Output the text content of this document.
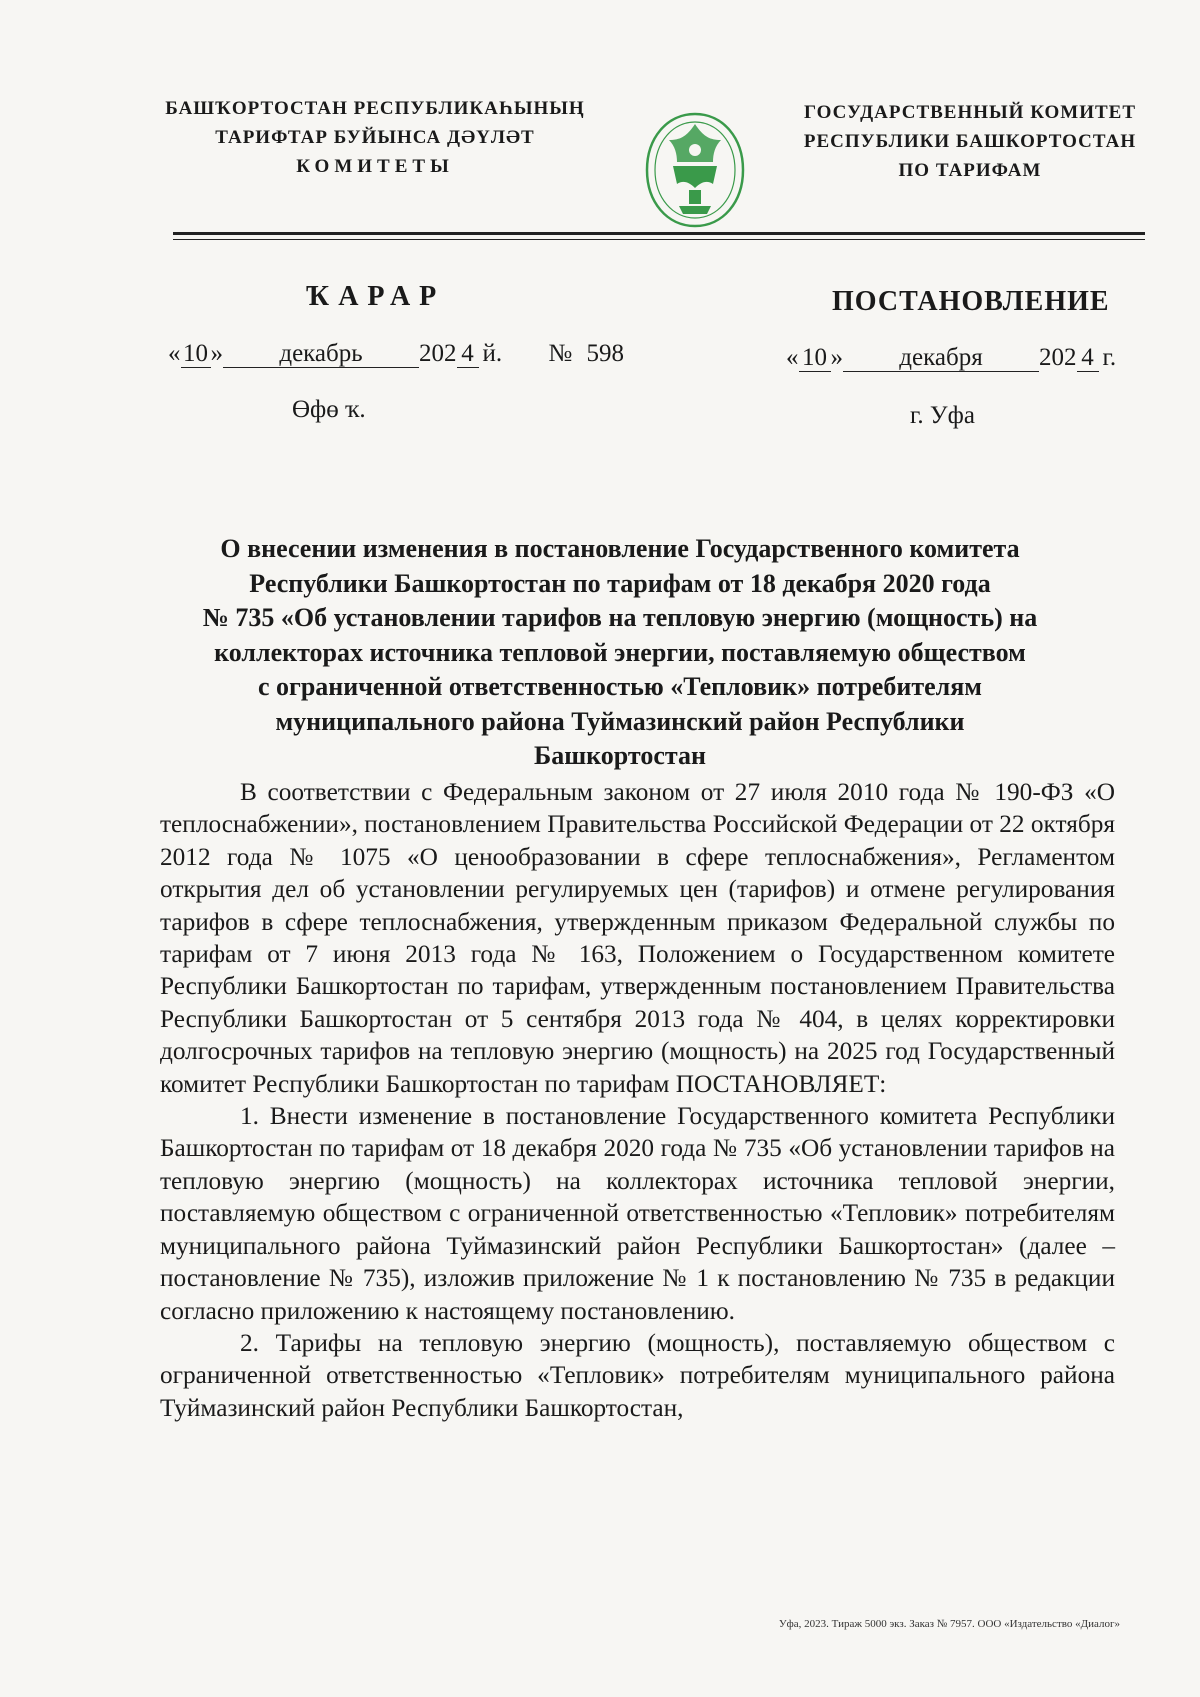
БАШҠОРТОСТАН РЕСПУБЛИКАҺЫНЫҢ
ТАРИФТАР БУЙЫНСА ДӘҮЛӘТ
КОМИТЕТЫ
ГОСУДАРСТВЕННЫЙ КОМИТЕТ
РЕСПУБЛИКИ БАШКОРТОСТАН
ПО ТАРИФАМ
ҠАРАР
« 10 » декабрь 202 4 й. № 598
Өфө ҡ.
ПОСТАНОВЛЕНИЕ
« 10 » декабря 202 4 г.
г. Уфа
О внесении изменения в постановление Государственного комитета
Республики Башкортостан по тарифам от 18 декабря 2020 года
№ 735 «Об установлении тарифов на тепловую энергию (мощность) на
коллекторах источника тепловой энергии, поставляемую обществом
с ограниченной ответственностью «Тепловик» потребителям
муниципального района Туймазинский район Республики
Башкортостан

В соответствии с Федеральным законом от 27 июля 2010 года № 190-ФЗ «О теплоснабжении», постановлением Правительства Российской Федерации от 22 октября 2012 года № 1075 «О ценообразовании в сфере теплоснабжения», Регламентом открытия дел об установлении регулируемых цен (тарифов) и отмене регулирования тарифов в сфере теплоснабжения, утвержденным приказом Федеральной службы по тарифам от 7 июня 2013 года № 163, Положением о Государственном комитете Республики Башкортостан по тарифам, утвержденным постановлением Правительства Республики Башкортостан от 5 сентября 2013 года № 404, в целях корректировки долгосрочных тарифов на тепловую энергию (мощность) на 2025 год Государственный комитет Республики Башкортостан по тарифам ПОСТАНОВЛЯЕТ:

1. Внести изменение в постановление Государственного комитета Республики Башкортостан по тарифам от 18 декабря 2020 года № 735 «Об установлении тарифов на тепловую энергию (мощность) на коллекторах источника тепловой энергии, поставляемую обществом с ограниченной ответственностью «Тепловик» потребителям муниципального района Туймазинский район Республики Башкортостан» (далее – постановление № 735), изложив приложение № 1 к постановлению № 735 в редакции согласно приложению к настоящему постановлению.

2. Тарифы на тепловую энергию (мощность), поставляемую обществом с ограниченной ответственностью «Тепловик» потребителям муниципального района Туймазинский район Республики Башкортостан,

Уфа, 2023. Тираж 5000 экз. Заказ № 7957. ООО «Издательство «Диалог»
